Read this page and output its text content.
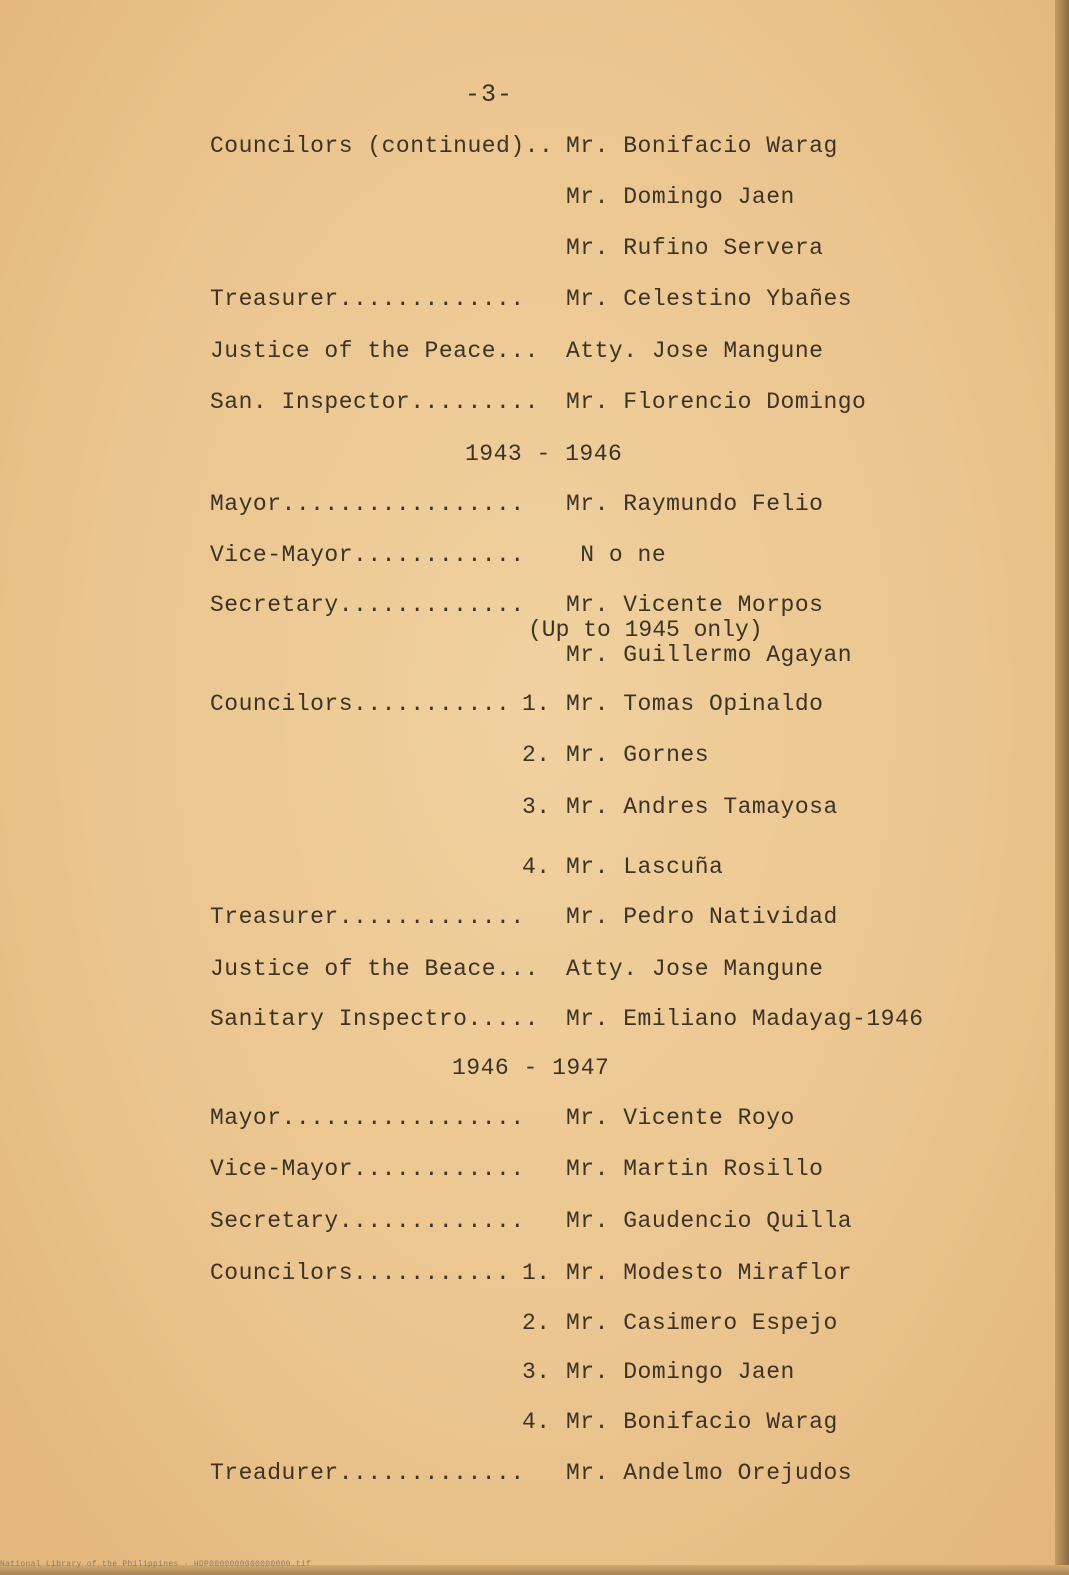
-3-
Councilors (continued).. Mr. Bonifacio Warag
Mr. Domingo Jaen
Mr. Rufino Servera
Treasurer............. Mr. Celestino Ybañes
Justice of the Peace... Atty. Jose Mangune
San. Inspector......... Mr. Florencio Domingo
1943 - 1946
Mayor................. Mr. Raymundo Felio
Vice-Mayor............ N o ne
Secretary............. Mr. Vicente Morpos
(Up to 1945 only)
Mr. Guillermo Agayan
Councilors........... 1. Mr. Tomas Opinaldo
2. Mr. Gornes
3. Mr. Andres Tamayosa
4. Mr. Lascuña
Treasurer............. Mr. Pedro Natividad
Justice of the Beace... Atty. Jose Mangune
Sanitary Inspectro..... Mr. Emiliano Madayag-1946
1946 - 1947
Mayor................. Mr. Vicente Royo
Vice-Mayor............ Mr. Martin Rosillo
Secretary............. Mr. Gaudencio Quilla
Councilors........... 1. Mr. Modesto Miraflor
2. Mr. Casimero Espejo
3. Mr. Domingo Jaen
4. Mr. Bonifacio Warag
Treadurer............. Mr. Andelmo Orejudos
National Library of the Philippines · HDP0000000000000000.tif
